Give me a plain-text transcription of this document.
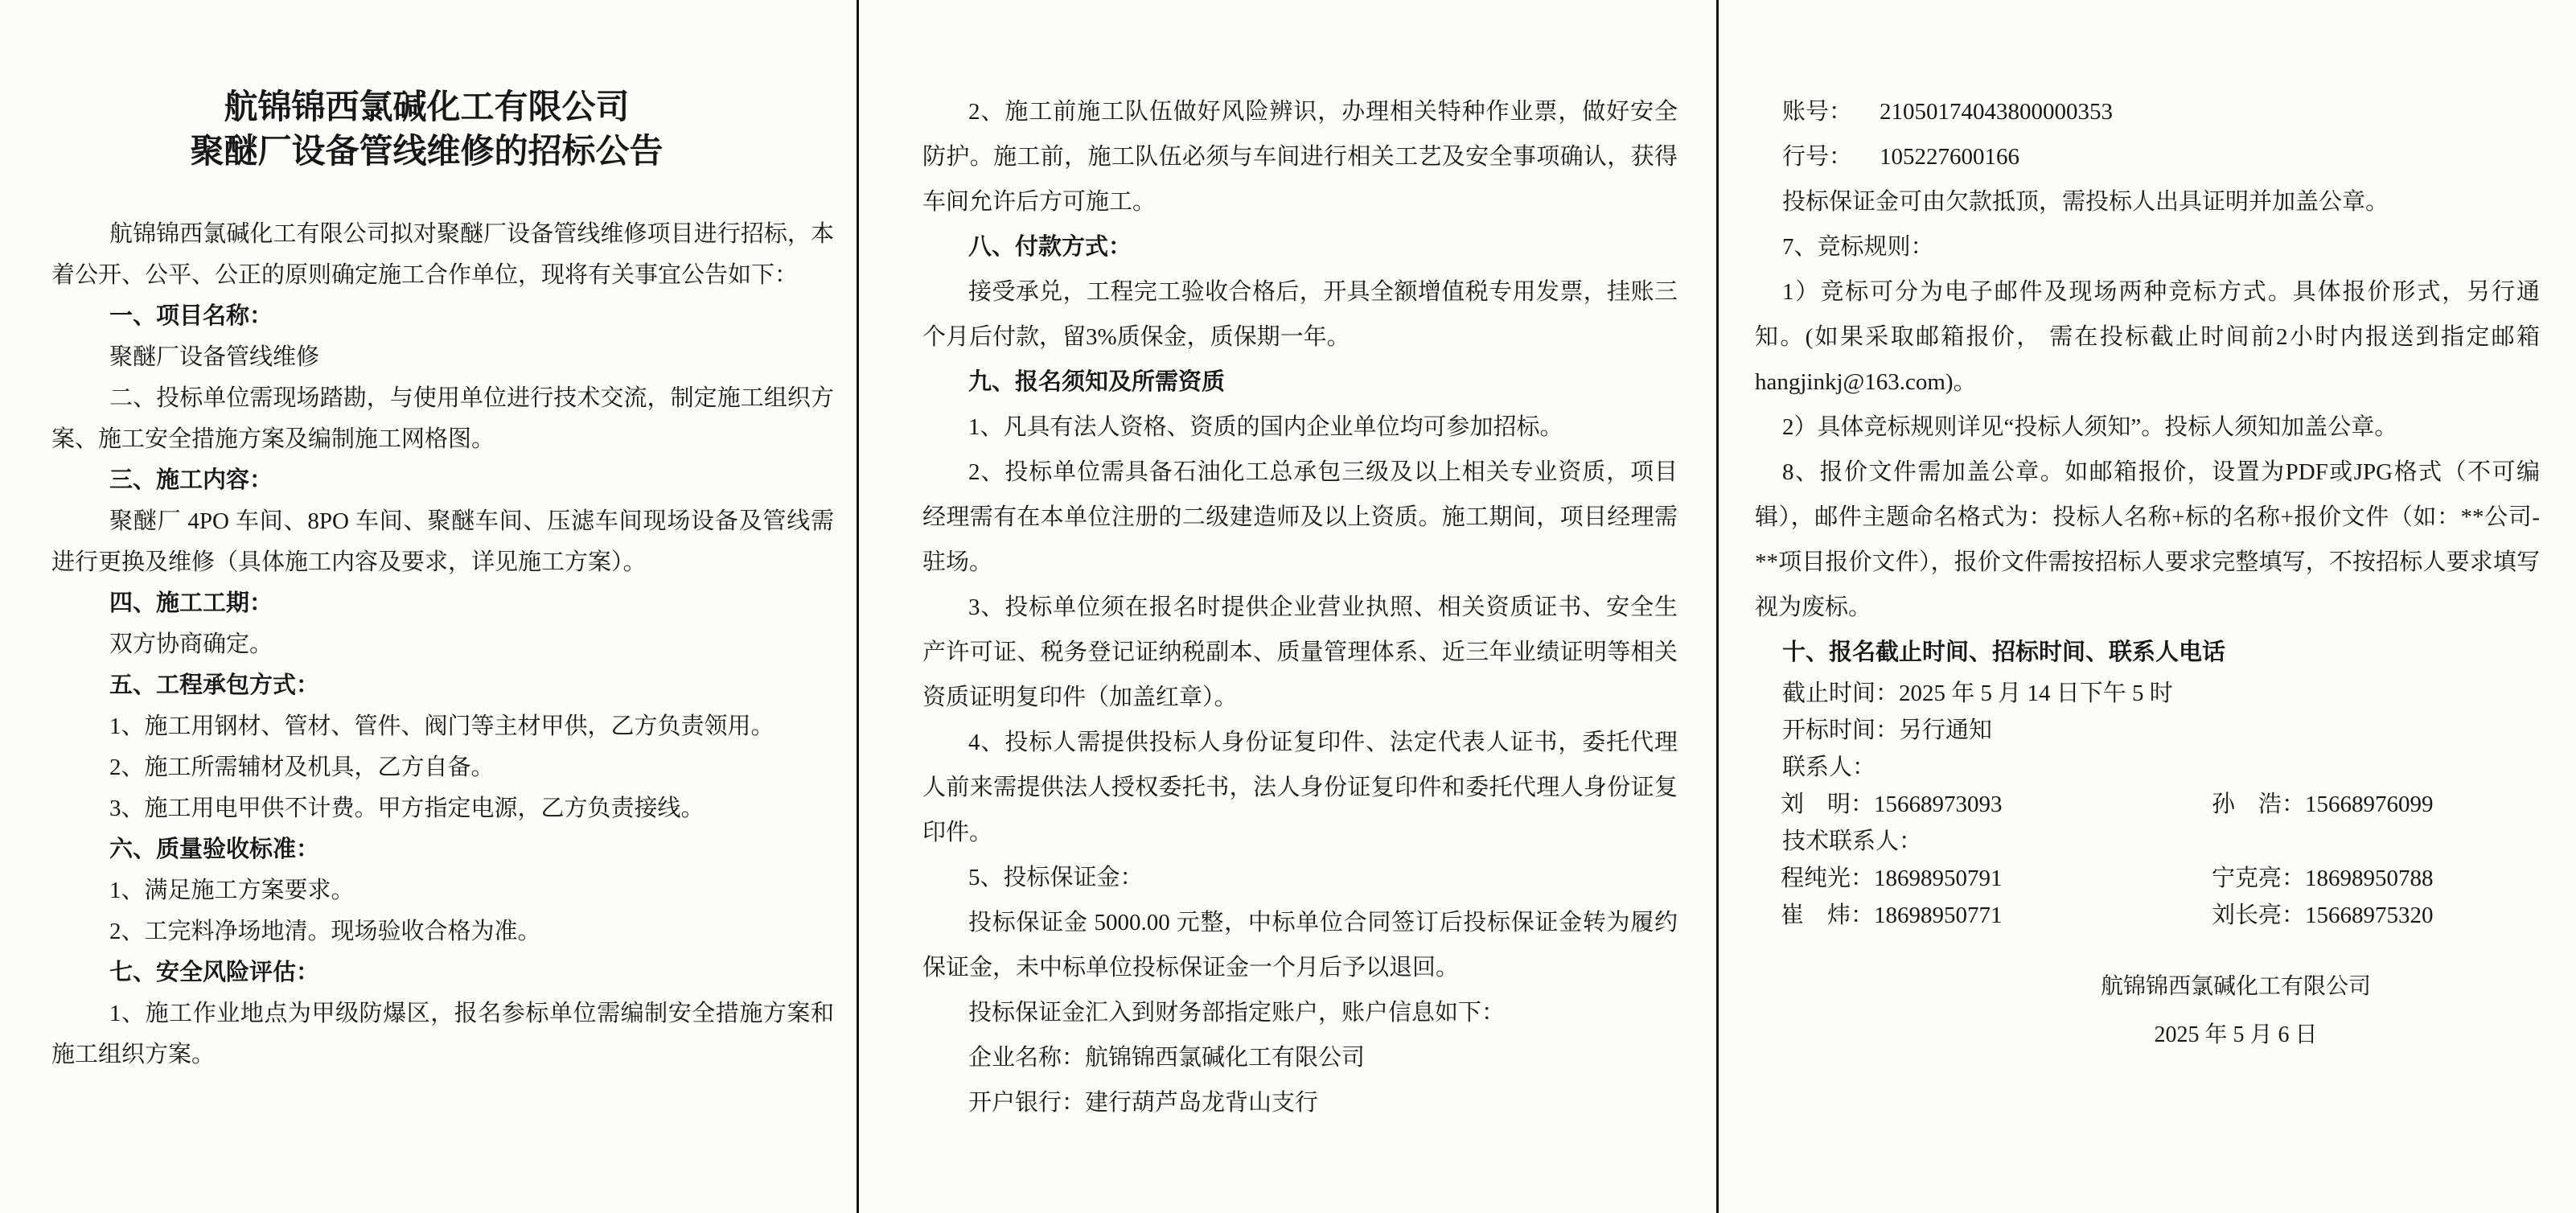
航锦锦西氯碱化工有限公司

聚醚厂设备管线维修的招标公告

航锦锦西氯碱化工有限公司拟对聚醚厂设备管线维修项目进行招标，本着公开、公平、公正的原则确定施工合作单位，现将有关事宜公告如下：

一、项目名称：

聚醚厂设备管线维修

二、投标单位需现场踏勘，与使用单位进行技术交流，制定施工组织方案、施工安全措施方案及编制施工网格图。

三、施工内容：

聚醚厂 4PO 车间、8PO 车间、聚醚车间、压滤车间现场设备及管线需进行更换及维修（具体施工内容及要求，详见施工方案）。

四、施工工期：

双方协商确定。

五、工程承包方式：

1、施工用钢材、管材、管件、阀门等主材甲供，乙方负责领用。

2、施工所需辅材及机具，乙方自备。

3、施工用电甲供不计费。甲方指定电源，乙方负责接线。

六、质量验收标准：

1、满足施工方案要求。

2、工完料净场地清。现场验收合格为准。

七、安全风险评估：

1、施工作业地点为甲级防爆区，报名参标单位需编制安全措施方案和施工组织方案。

2、施工前施工队伍做好风险辨识，办理相关特种作业票，做好安全防护。施工前，施工队伍必须与车间进行相关工艺及安全事项确认，获得车间允许后方可施工。

八、付款方式：

接受承兑，工程完工验收合格后，开具全额增值税专用发票，挂账三个月后付款，留3%质保金，质保期一年。

九、报名须知及所需资质

1、凡具有法人资格、资质的国内企业单位均可参加招标。

2、投标单位需具备石油化工总承包三级及以上相关专业资质，项目经理需有在本单位注册的二级建造师及以上资质。施工期间，项目经理需驻场。

3、投标单位须在报名时提供企业营业执照、相关资质证书、安全生产许可证、税务登记证纳税副本、质量管理体系、近三年业绩证明等相关资质证明复印件（加盖红章）。

4、投标人需提供投标人身份证复印件、法定代表人证书，委托代理人前来需提供法人授权委托书，法人身份证复印件和委托代理人身份证复印件。

5、投标保证金：

投标保证金 5000.00 元整，中标单位合同签订后投标保证金转为履约保证金，未中标单位投标保证金一个月后予以退回。

投标保证金汇入到财务部指定账户，账户信息如下：

企业名称：航锦锦西氯碱化工有限公司

开户银行：建行葫芦岛龙背山支行

账号： 21050174043800000353

行号： 105227600166

投标保证金可由欠款抵顶，需投标人出具证明并加盖公章。

7、竞标规则：

1）竞标可分为电子邮件及现场两种竞标方式。具体报价形式，另行通知。(如果采取邮箱报价， 需在投标截止时间前2小时内报送到指定邮箱hangjinkj@163.com)。

2）具体竞标规则详见“投标人须知”。投标人须知加盖公章。

8、报价文件需加盖公章。如邮箱报价，设置为PDF或JPG格式（不可编辑），邮件主题命名格式为：投标人名称+标的名称+报价文件（如：**公司-**项目报价文件），报价文件需按招标人要求完整填写，不按招标人要求填写视为废标。

十、报名截止时间、招标时间、联系人电话

截止时间：2025 年 5 月 14 日下午 5 时

开标时间：另行通知

联系人：

刘　明：15668973093	孙　浩：15668976099

技术联系人：

程纯光：18698950791	宁克亮：18698950788
崔　炜：18698950771	刘长亮：15668975320

航锦锦西氯碱化工有限公司

2025 年 5 月 6 日
